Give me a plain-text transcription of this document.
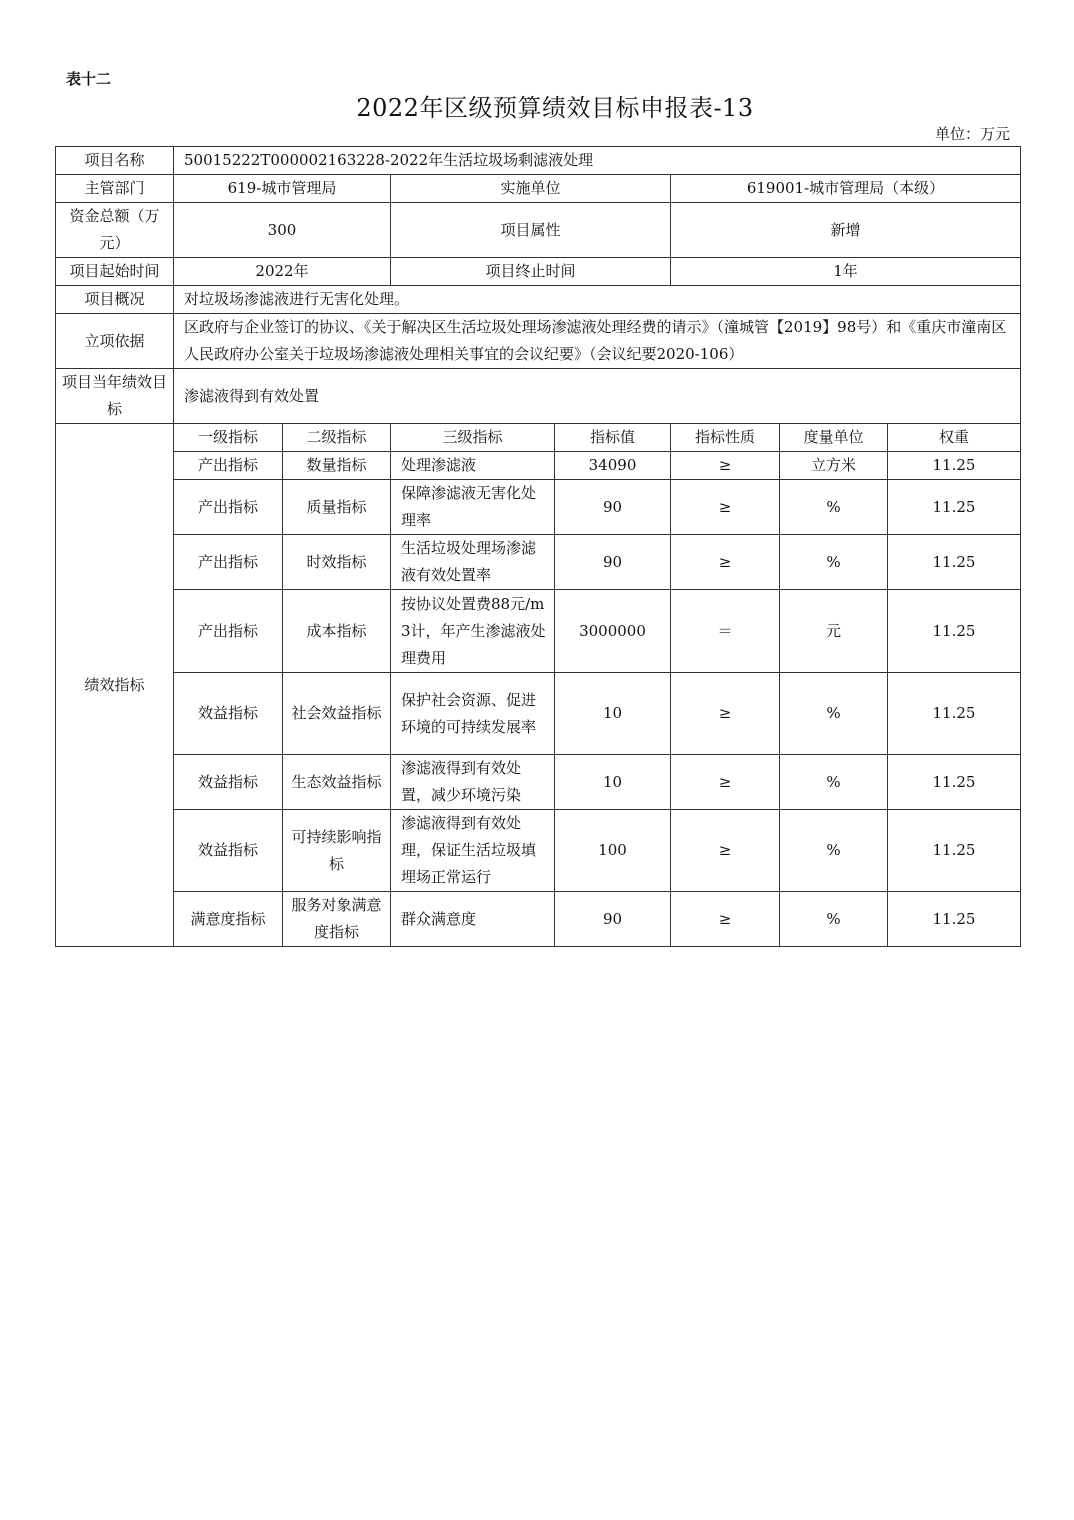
表十二
2022年区级预算绩效目标申报表-13
单位：万元
项目名称	50015222T000002163228-2022年生活垃圾场剩滤液处理						
主管部门	619-城市管理局		实施单位		619001-城市管理局（本级）		
资金总额（万元）	300		项目属性		新增		
项目起始时间	2022年		项目终止时间		1年		
项目概况	对垃圾场渗滤液进行无害化处理。						
立项依据	区政府与企业签订的协议、《关于解决区生活垃圾处理场渗滤液处理经费的请示》（潼城管【2019】98号）和《重庆市潼南区人民政府办公室关于垃圾场渗滤液处理相关事宜的会议纪要》（会议纪要2020-106）						
项目当年绩效目标	渗滤液得到有效处置						
绩效指标	一级指标	二级指标	三级指标	指标值	指标性质	度量单位	权重
	产出指标	数量指标	处理渗滤液	34090	≥	立方米	11.25
	产出指标	质量指标	保障渗滤液无害化处理率	90	≥	%	11.25
	产出指标	时效指标	生活垃圾处理场渗滤液有效处置率	90	≥	%	11.25
	产出指标	成本指标	按协议处置费88元/m3计，年产生渗滤液处理费用	3000000	＝	元	11.25
	效益指标	社会效益指标	保护社会资源、促进环境的可持续发展率	10	≥	%	11.25
	效益指标	生态效益指标	渗滤液得到有效处置，减少环境污染	10	≥	%	11.25
	效益指标	可持续影响指标	渗滤液得到有效处理，保证生活垃圾填埋场正常运行	100	≥	%	11.25
	满意度指标	服务对象满意度指标	群众满意度	90	≥	%	11.25
